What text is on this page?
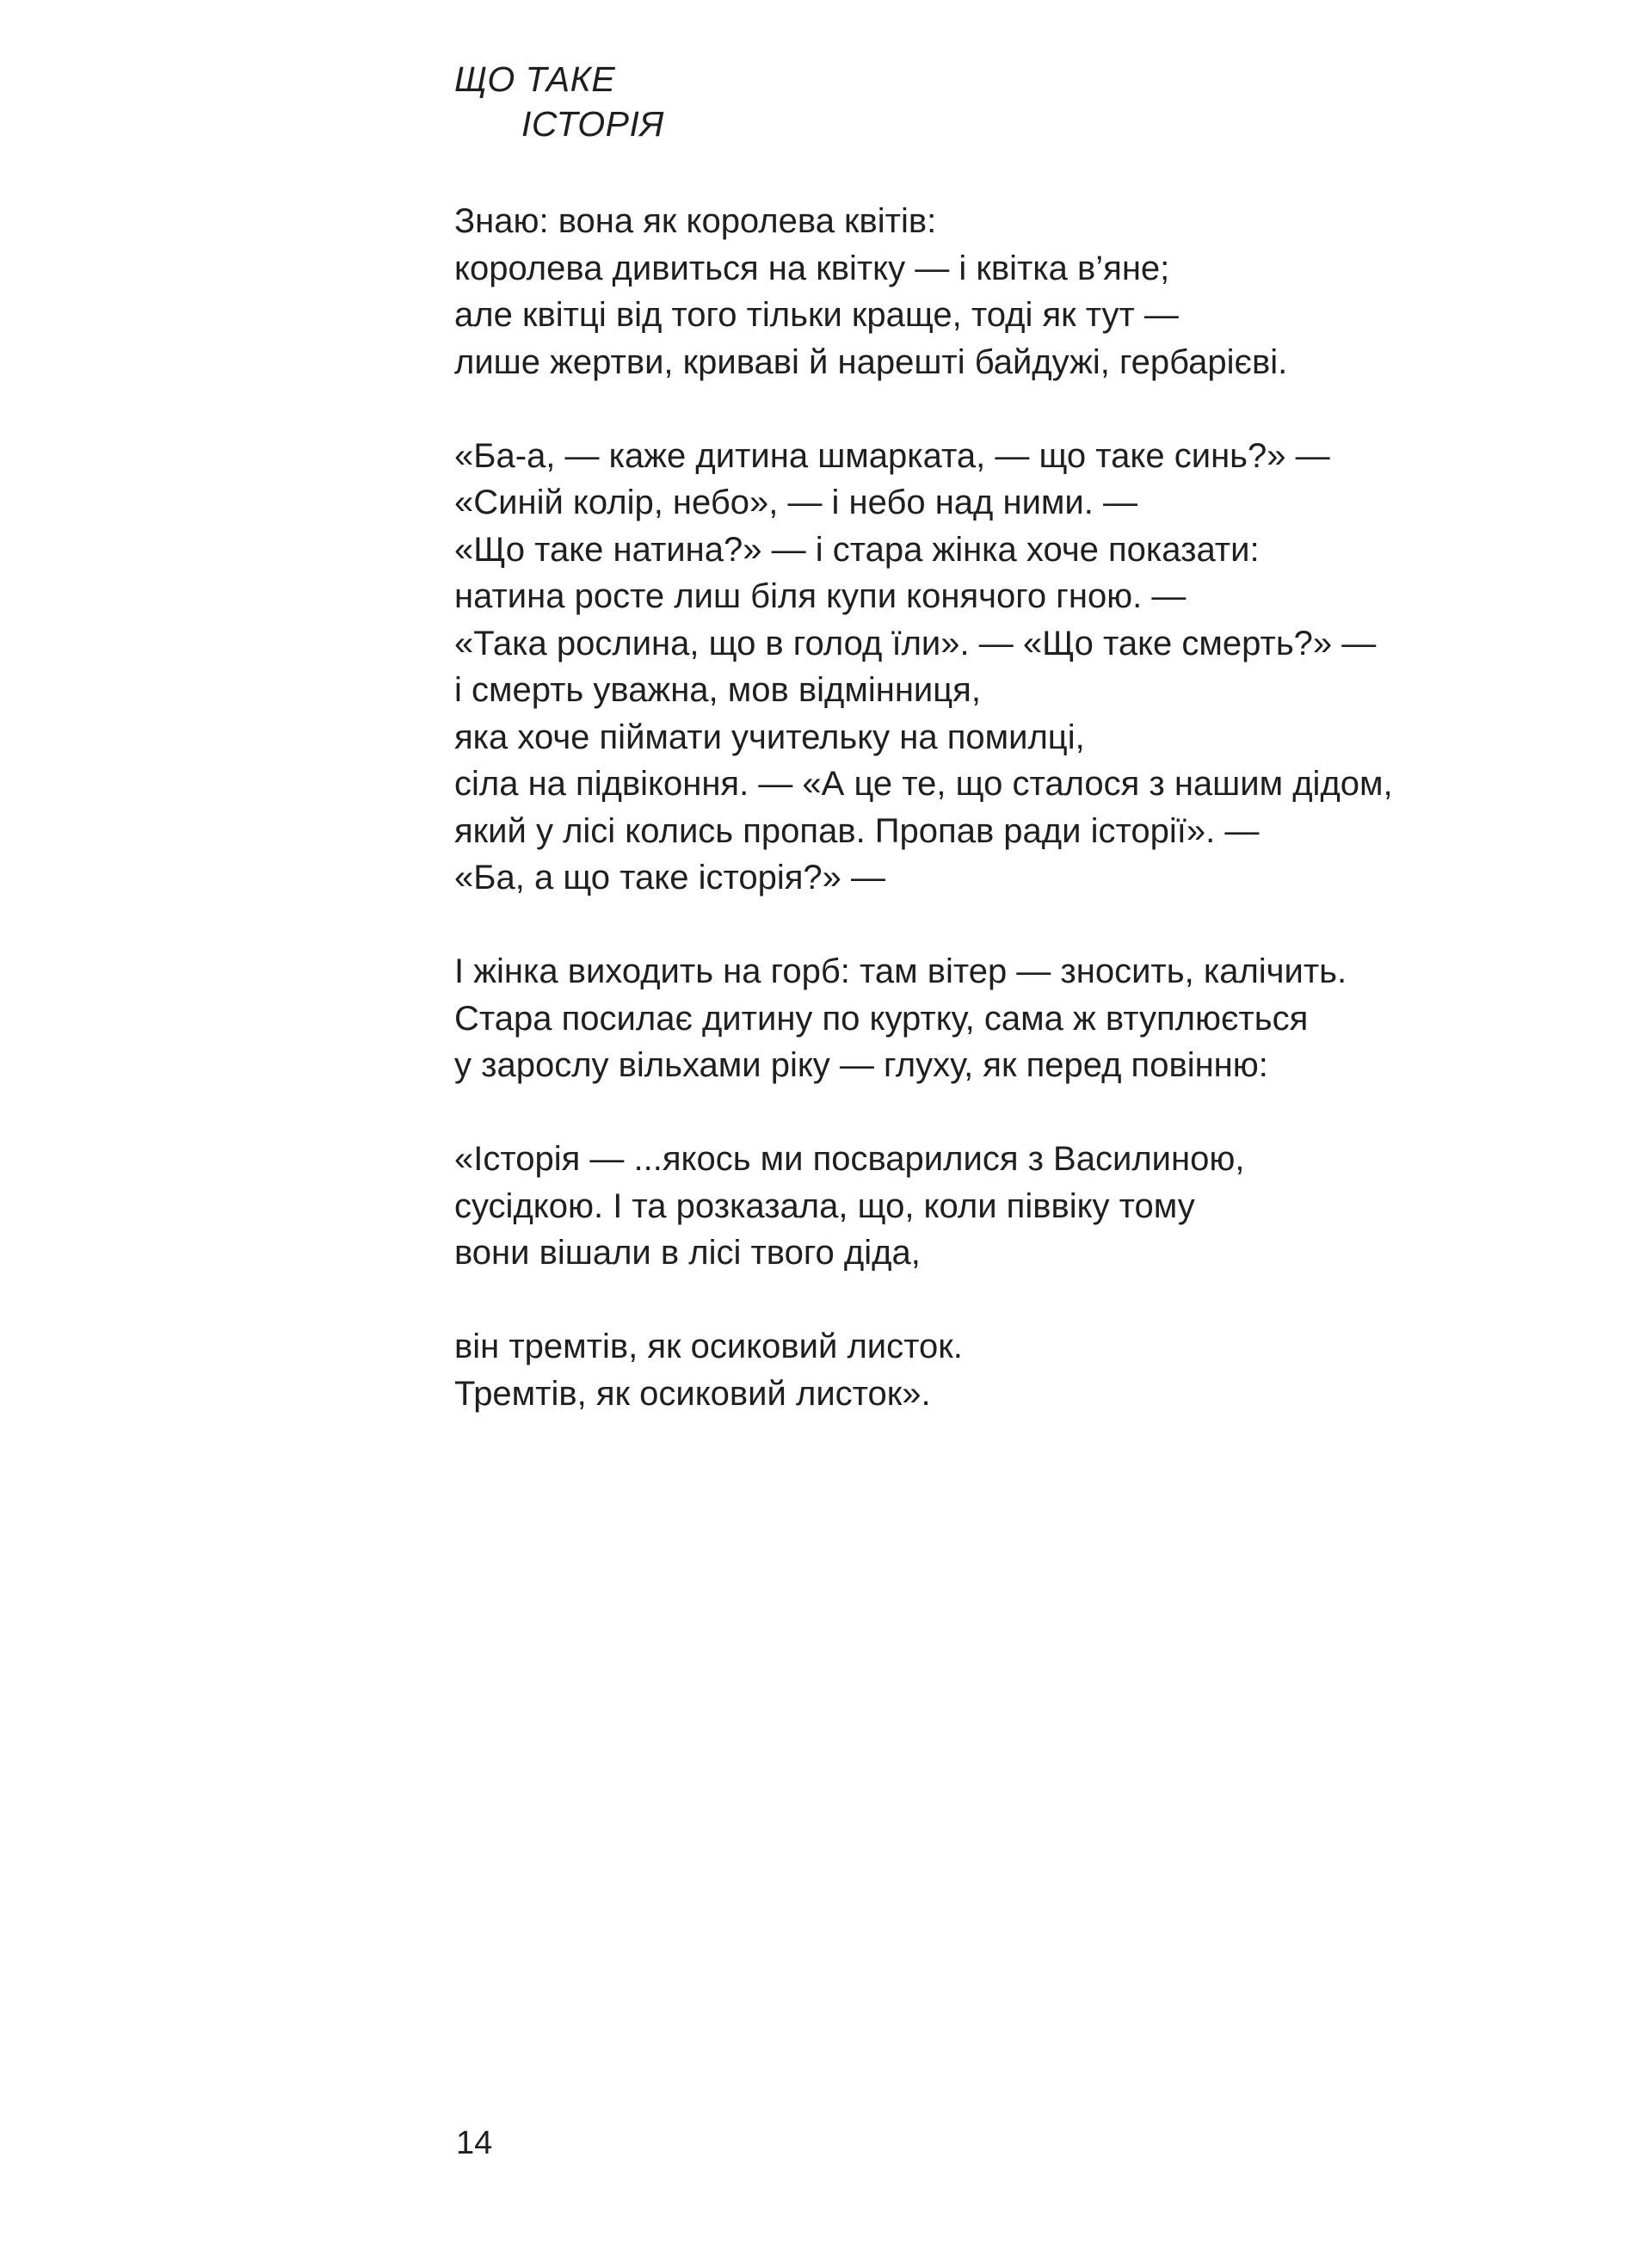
ЩО ТАКЕ
ІСТОРІЯ

Знаю: вона як королева квітів:
королева дивиться на квітку — і квітка в’яне;
але квітці від того тільки краще, тоді як тут —
лише жертви, криваві й нарешті байдужі, гербарієві.

«Ба-а, — каже дитина шмарката, — що таке синь?» —
«Синій колір, небо», — і небо над ними. —
«Що таке натина?» — і стара жінка хоче показати:
натина росте лиш біля купи конячого гною. —
«Така рослина, що в голод їли». — «Що таке смерть?» —
і смерть уважна, мов відмінниця,
яка хоче піймати учительку на помилці,
сіла на підвіконня. — «А це те, що сталося з нашим дідом,
який у лісі колись пропав. Пропав ради історії». —
«Ба, а що таке історія?» —

І жінка виходить на горб: там вітер — зносить, калічить.
Стара посилає дитину по куртку, сама ж втуплюється
у зарослу вільхами ріку — глуху, як перед повінню:

«Історія — ...якось ми посварилися з Василиною,
сусідкою. І та розказала, що, коли піввіку тому
вони вішали в лісі твого діда,

він тремтів, як осиковий листок.
Тремтів, як осиковий листок».

14
